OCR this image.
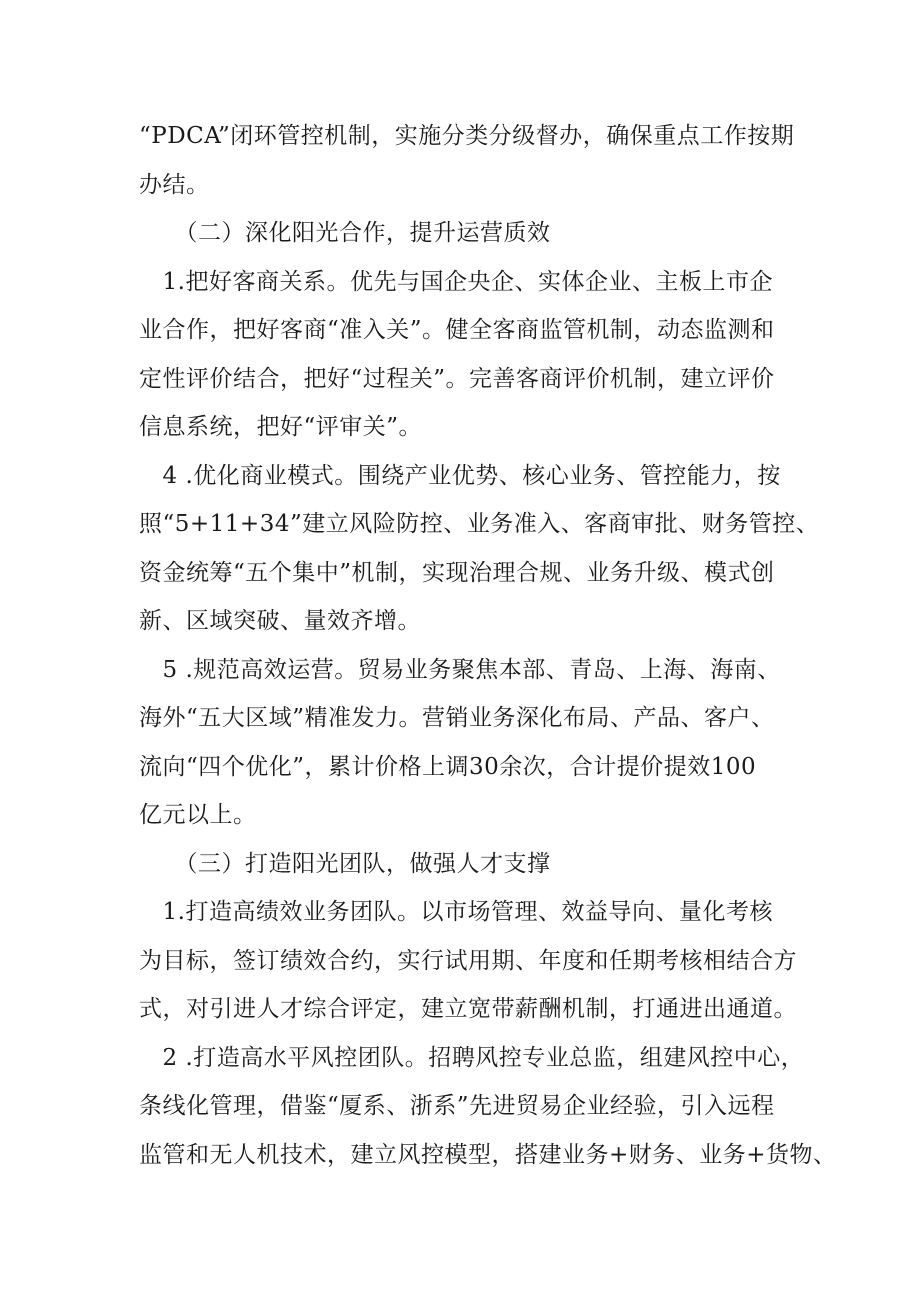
“PDCA”闭环管控机制，实施分类分级督办，确保重点工作按期
办结。
　　（二）深化阳光合作，提升运营质效
　1.把好客商关系。优先与国企央企、实体企业、主板上市企
业合作，把好客商“准入关”。健全客商监管机制，动态监测和
定性评价结合，把好“过程关”。完善客商评价机制，建立评价
信息系统，把好“评审关”。
　4 .优化商业模式。围绕产业优势、核心业务、管控能力，按
照“5+11+34”建立风险防控、业务准入、客商审批、财务管控、
资金统筹“五个集中”机制，实现治理合规、业务升级、模式创
新、区域突破、量效齐增。
　5 .规范高效运营。贸易业务聚焦本部、青岛、上海、海南、
海外“五大区域”精准发力。营销业务深化布局、产品、客户、
流向“四个优化”，累计价格上调30余次，合计提价提效100
亿元以上。
　　（三）打造阳光团队，做强人才支撑
　1.打造高绩效业务团队。以市场管理、效益导向、量化考核
为目标，签订绩效合约，实行试用期、年度和任期考核相结合方
式，对引进人才综合评定，建立宽带薪酬机制，打通进出通道。
　2 .打造高水平风控团队。招聘风控专业总监，组建风控中心，
条线化管理，借鉴“厦系、浙系”先进贸易企业经验，引入远程
监管和无人机技术，建立风控模型，搭建业务+财务、业务+货物、
